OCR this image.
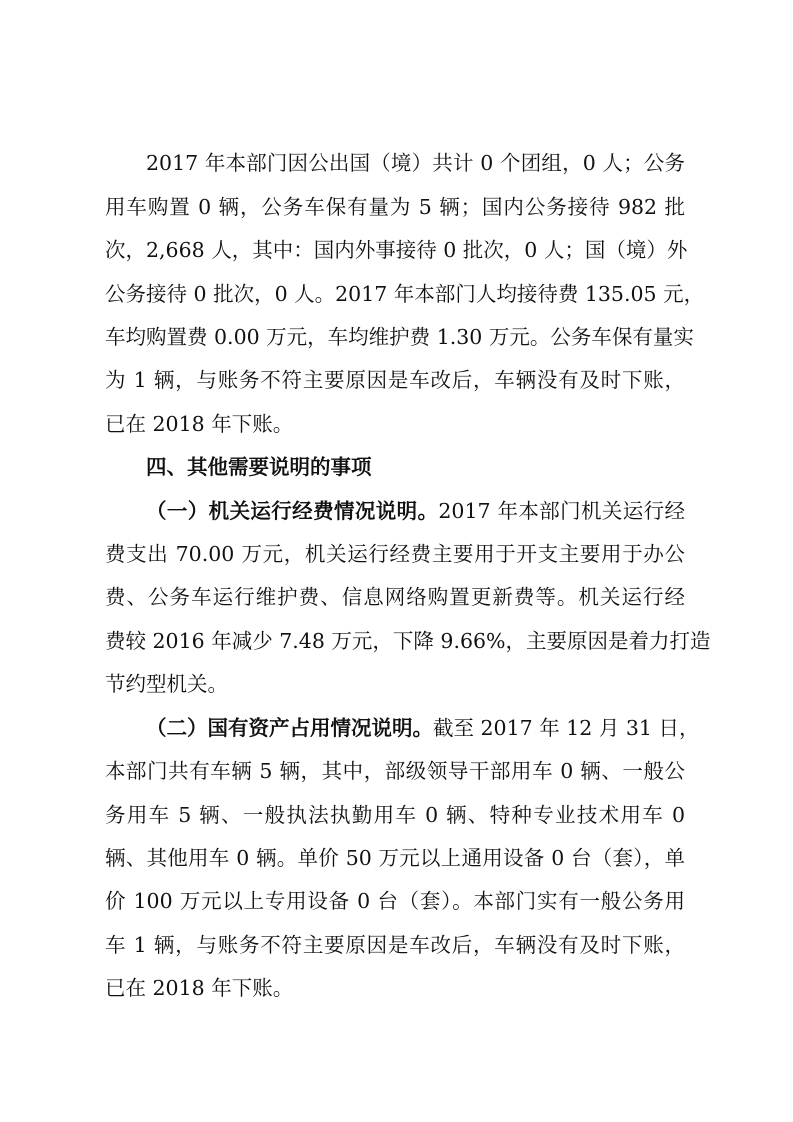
2017 年本部门因公出国（境）共计 0 个团组，0 人；公务
用车购置 0 辆，公务车保有量为 5 辆；国内公务接待 982 批
次，2,668 人，其中：国内外事接待 0 批次，0 人；国（境）外
公务接待 0 批次，0 人。2017 年本部门人均接待费 135.05 元，
车均购置费 0.00 万元，车均维护费 1.30 万元。公务车保有量实
为 1 辆，与账务不符主要原因是车改后，车辆没有及时下账，
已在 2018 年下账。
四、其他需要说明的事项
（一）机关运行经费情况说明。2017 年本部门机关运行经
费支出 70.00 万元，机关运行经费主要用于开支主要用于办公
费、公务车运行维护费、信息网络购置更新费等。机关运行经
费较 2016 年减少 7.48 万元，下降 9.66%，主要原因是着力打造
节约型机关。
（二）国有资产占用情况说明。截至 2017 年 12 月 31 日，
本部门共有车辆 5 辆，其中，部级领导干部用车 0 辆、一般公
务用车 5 辆、一般执法执勤用车 0 辆、特种专业技术用车 0
辆、其他用车 0 辆。单价 50 万元以上通用设备 0 台（套），单
价 100 万元以上专用设备 0 台（套）。本部门实有一般公务用
车 1 辆，与账务不符主要原因是车改后，车辆没有及时下账，
已在 2018 年下账。
